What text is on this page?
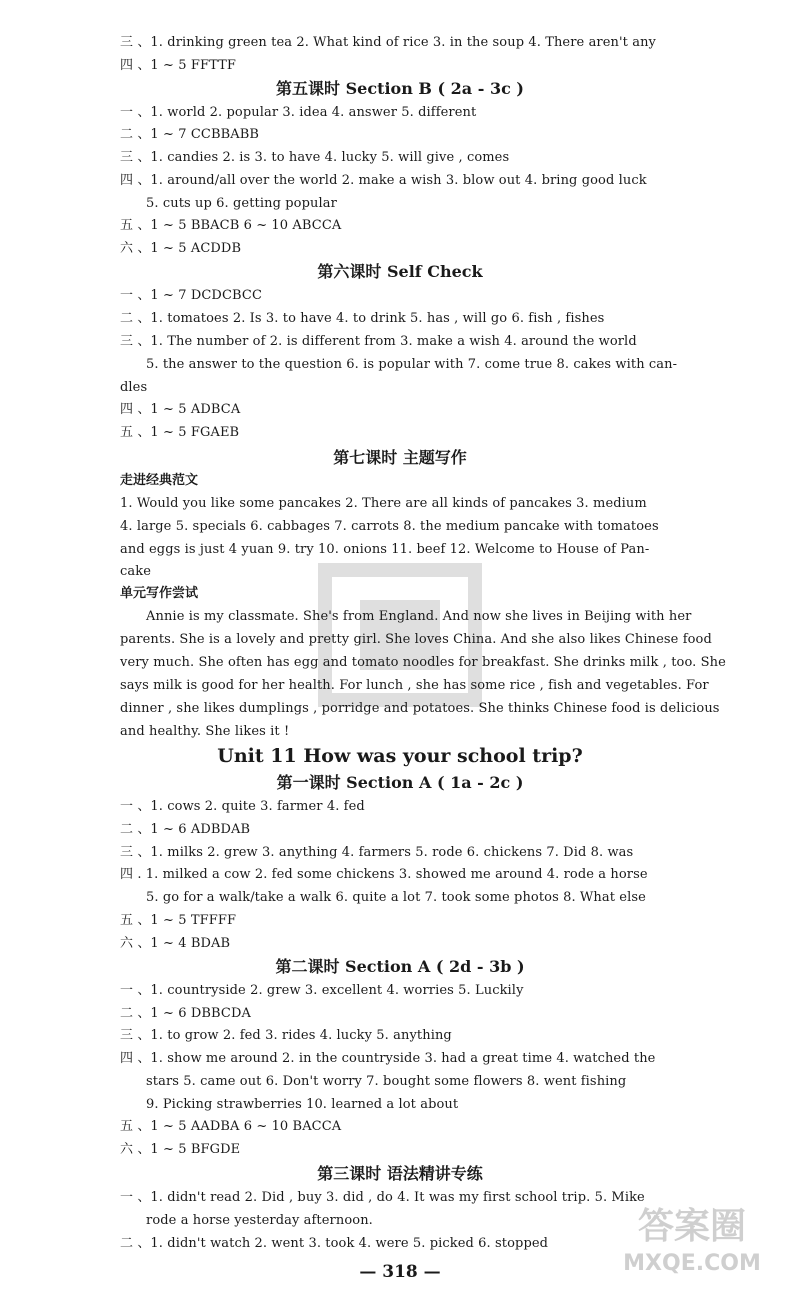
三 、1. drinking green tea 2. What kind of rice 3. in the soup 4. There aren't any
四 、1 ~ 5 FFTTF
第五课时 Section B ( 2a - 3c )
一 、1. world 2. popular 3. idea 4. answer 5. different
二 、1 ~ 7 CCBBABB
三 、1. candies 2. is 3. to have 4. lucky 5. will give , comes
四 、1. around/all over the world 2. make a wish 3. blow out 4. bring good luck
5. cuts up 6. getting popular
五 、1 ~ 5 BBACB 6 ~ 10 ABCCA
六 、1 ~ 5 ACDDB
第六课时 Self Check
一 、1 ~ 7 DCDCBCC
二 、1. tomatoes 2. Is 3. to have 4. to drink 5. has , will go 6. fish , fishes
三 、1. The number of 2. is different from 3. make a wish 4. around the world
5. the answer to the question 6. is popular with 7. come true 8. cakes with can-
dles
四 、1 ~ 5 ADBCA
五 、1 ~ 5 FGAEB
第七课时 主题写作
走进经典范文
1. Would you like some pancakes 2. There are all kinds of pancakes 3. medium
4. large 5. specials 6. cabbages 7. carrots 8. the medium pancake with tomatoes
and eggs is just 4 yuan 9. try 10. onions 11. beef 12. Welcome to House of Pan-
cake
单元写作尝试
Annie is my classmate. She's from England. And now she lives in Beijing with her
parents. She is a lovely and pretty girl. She loves China. And she also likes Chinese food
very much. She often has egg and tomato noodles for breakfast. She drinks milk , too. She
says milk is good for her health. For lunch , she has some rice , fish and vegetables. For
dinner , she likes dumplings , porridge and potatoes. She thinks Chinese food is delicious
and healthy. She likes it !
Unit 11 How was your school trip?
第一课时 Section A ( 1a - 2c )
一 、1. cows 2. quite 3. farmer 4. fed
二 、1 ~ 6 ADBDAB
三 、1. milks 2. grew 3. anything 4. farmers 5. rode 6. chickens 7. Did 8. was
四 . 1. milked a cow 2. fed some chickens 3. showed me around 4. rode a horse
5. go for a walk/take a walk 6. quite a lot 7. took some photos 8. What else
五 、1 ~ 5 TFFFF
六 、1 ~ 4 BDAB
第二课时 Section A ( 2d - 3b )
一 、1. countryside 2. grew 3. excellent 4. worries 5. Luckily
二 、1 ~ 6 DBBCDA
三 、1. to grow 2. fed 3. rides 4. lucky 5. anything
四 、1. show me around 2. in the countryside 3. had a great time 4. watched the
stars 5. came out 6. Don't worry 7. bought some flowers 8. went fishing
9. Picking strawberries 10. learned a lot about
五 、1 ~ 5 AADBA 6 ~ 10 BACCA
六 、1 ~ 5 BFGDE
第三课时 语法精讲专练
一 、1. didn't read 2. Did , buy 3. did , do 4. It was my first school trip. 5. Mike
rode a horse yesterday afternoon.
二 、1. didn't watch 2. went 3. took 4. were 5. picked 6. stopped
— 318 —
答案圈
MXQE.COM
